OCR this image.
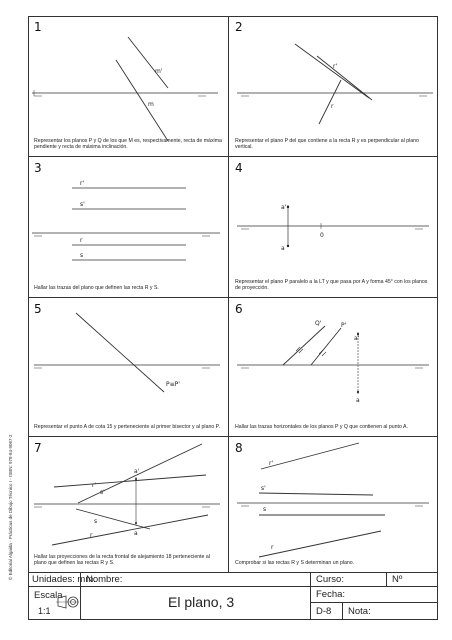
© Editorial Algaida · Prácticas de Dibujo Técnico I · ISBN: 978-84-9067-2
1
m'
m
Representar los planos P y Q de los que M es, respectivamente, recta de máxima pendiente y recta de máxima inclinación.
2
r'
r
Representar el plano P del que contiene a la recta R y es perpendicular al plano vertical.
3
r'
s'
r
s
Hallar las trazas del plano que definen las recta R y S.
4
a'
0
a
Representar el plano P paralelo a la LT y que pasa por A y forma 45° con los planos de proyección.
5
P≡P'
Representar el punto A de cota 15 y perteneciente al primer bisector y al plano P.
6
Q'	P'
a'
a
Hallar las trazas horizontales de los planos P y Q que contienen al punto A.
7
a'
r'
s'
s
r	a
Hallar las proyecciones de la recta frontal de alejamiento 18 perteneciente al plano que definen las rectas R y S.
8
r'
s'
s
r
Comprobar si las rectas R y S determinan un plano.
Unidades: mm.
Nombre:	Curso:	Nº
Escala
1:1
El plano, 3	Fecha:
D-8 Nota:
